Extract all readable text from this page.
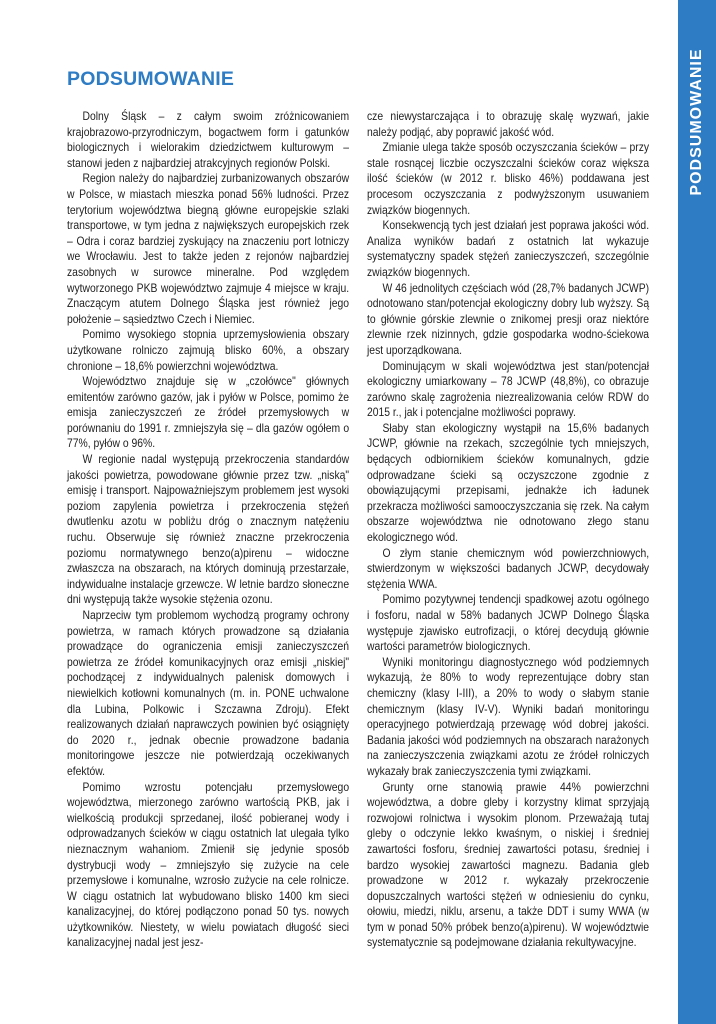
PODSUMOWANIE
PODSUMOWANIE

Dolny Śląsk – z całym swoim zróżnicowaniem krajobrazowo-przyrodniczym, bogactwem form i gatunków biologicznych i wielorakim dziedzictwem kulturowym – stanowi jeden z najbardziej atrakcyjnych regionów Polski.

Region należy do najbardziej zurbanizowanych obszarów w Polsce, w miastach mieszka ponad 56% ludności. Przez terytorium województwa biegną główne europejskie szlaki transportowe, w tym jedna z największych europejskich rzek – Odra i coraz bardziej zyskujący na znaczeniu port lotniczy we Wrocławiu. Jest to także jeden z rejonów najbardziej zasobnych w surowce mineralne. Pod względem wytworzonego PKB województwo zajmuje 4 miejsce w kraju. Znaczącym atutem Dolnego Śląska jest również jego położenie – sąsiedztwo Czech i Niemiec.

Pomimo wysokiego stopnia uprzemysłowienia obszary użytkowane rolniczo zajmują blisko 60%, a obszary chronione – 18,6% powierzchni województwa.

Województwo znajduje się w „czołówce" głównych emitentów zarówno gazów, jak i pyłów w Polsce, pomimo że emisja zanieczyszczeń ze źródeł przemysłowych w porównaniu do 1991 r. zmniejszyła się – dla gazów ogółem o 77%, pyłów o 96%.

W regionie nadal występują przekroczenia standardów jakości powietrza, powodowane głównie przez tzw. „niską" emisję i transport. Najpoważniejszym problemem jest wysoki poziom zapylenia powietrza i przekroczenia stężeń dwutlenku azotu w pobliżu dróg o znacznym natężeniu ruchu. Obserwuje się również znaczne przekroczenia poziomu normatywnego benzo(a)pirenu – widoczne zwłaszcza na obszarach, na których dominują przestarzałe, indywidualne instalacje grzewcze. W letnie bardzo słoneczne dni występują także wysokie stężenia ozonu.

Naprzeciw tym problemom wychodzą programy ochrony powietrza, w ramach których prowadzone są działania prowadzące do ograniczenia emisji zanieczyszczeń powietrza ze źródeł komunikacyjnych oraz emisji „niskiej" pochodzącej z indywidualnych palenisk domowych i niewielkich kotłowni komunalnych (m. in. PONE uchwalone dla Lubina, Polkowic i Szczawna Zdroju). Efekt realizowanych działań naprawczych powinien być osiągnięty do 2020 r., jednak obecnie prowadzone badania monitoringowe jeszcze nie potwierdzają oczekiwanych efektów.

Pomimo wzrostu potencjału przemysłowego województwa, mierzonego zarówno wartością PKB, jak i wielkością produkcji sprzedanej, ilość pobieranej wody i odprowadzanych ścieków w ciągu ostatnich lat ulegała tylko nieznacznym wahaniom. Zmienił się jedynie sposób dystrybucji wody – zmniejszyło się zużycie na cele przemysłowe i komunalne, wzrosło zużycie na cele rolnicze. W ciągu ostatnich lat wybudowano blisko 1400 km sieci kanalizacyjnej, do której podłączono ponad 50 tys. nowych użytkowników. Niestety, w wielu powiatach długość sieci kanalizacyjnej nadal jest jesz-

cze niewystarczająca i to obrazuję skalę wyzwań, jakie należy podjąć, aby poprawić jakość wód.

Zmianie ulega także sposób oczyszczania ścieków – przy stale rosnącej liczbie oczyszczalni ścieków coraz większa ilość ścieków (w 2012 r. blisko 46%) poddawana jest procesom oczyszczania z podwyższonym usuwaniem związków biogennych.

Konsekwencją tych jest działań jest poprawa jakości wód. Analiza wyników badań z ostatnich lat wykazuje systematyczny spadek stężeń zanieczyszczeń, szczególnie związków biogennych.

W 46 jednolitych częściach wód (28,7% badanych JCWP) odnotowano stan/potencjał ekologiczny dobry lub wyższy. Są to głównie górskie zlewnie o znikomej presji oraz niektóre zlewnie rzek nizinnych, gdzie gospodarka wodno-ściekowa jest uporządkowana.

Dominującym w skali województwa jest stan/potencjał ekologiczny umiarkowany – 78 JCWP (48,8%), co obrazuje zarówno skalę zagrożenia niezrealizowania celów RDW do 2015 r., jak i potencjalne możliwości poprawy.

Słaby stan ekologiczny wystąpił na 15,6% badanych JCWP, głównie na rzekach, szczególnie tych mniejszych, będących odbiornikiem ścieków komunalnych, gdzie odprowadzane ścieki są oczyszczone zgodnie z obowiązującymi przepisami, jednakże ich ładunek przekracza możliwości samooczyszczania się rzek. Na całym obszarze województwa nie odnotowano złego stanu ekologicznego wód.

O złym stanie chemicznym wód powierzchniowych, stwierdzonym w większości badanych JCWP, decydowały stężenia WWA.

Pomimo pozytywnej tendencji spadkowej azotu ogólnego i fosforu, nadal w 58% badanych JCWP Dolnego Śląska występuje zjawisko eutrofizacji, o której decydują głównie wartości parametrów biologicznych.

Wyniki monitoringu diagnostycznego wód podziemnych wykazują, że 80% to wody reprezentujące dobry stan chemiczny (klasy I-III), a 20% to wody o słabym stanie chemicznym (klasy IV-V). Wyniki badań monitoringu operacyjnego potwierdzają przewagę wód dobrej jakości. Badania jakości wód podziemnych na obszarach narażonych na zanieczyszczenia związkami azotu ze źródeł rolniczych wykazały brak zanieczyszczenia tymi związkami.

Grunty orne stanowią prawie 44% powierzchni województwa, a dobre gleby i korzystny klimat sprzyjają rozwojowi rolnictwa i wysokim plonom. Przeważają tutaj gleby o odczynie lekko kwaśnym, o niskiej i średniej zawartości fosforu, średniej zawartości potasu, średniej i bardzo wysokiej zawartości magnezu. Badania gleb prowadzone w 2012 r. wykazały przekroczenie dopuszczalnych wartości stężeń w odniesieniu do cynku, ołowiu, miedzi, niklu, arsenu, a także DDT i sumy WWA (w tym w ponad 50% próbek benzo(a)pirenu). W województwie systematycznie są podejmowane działania rekultywacyjne.
